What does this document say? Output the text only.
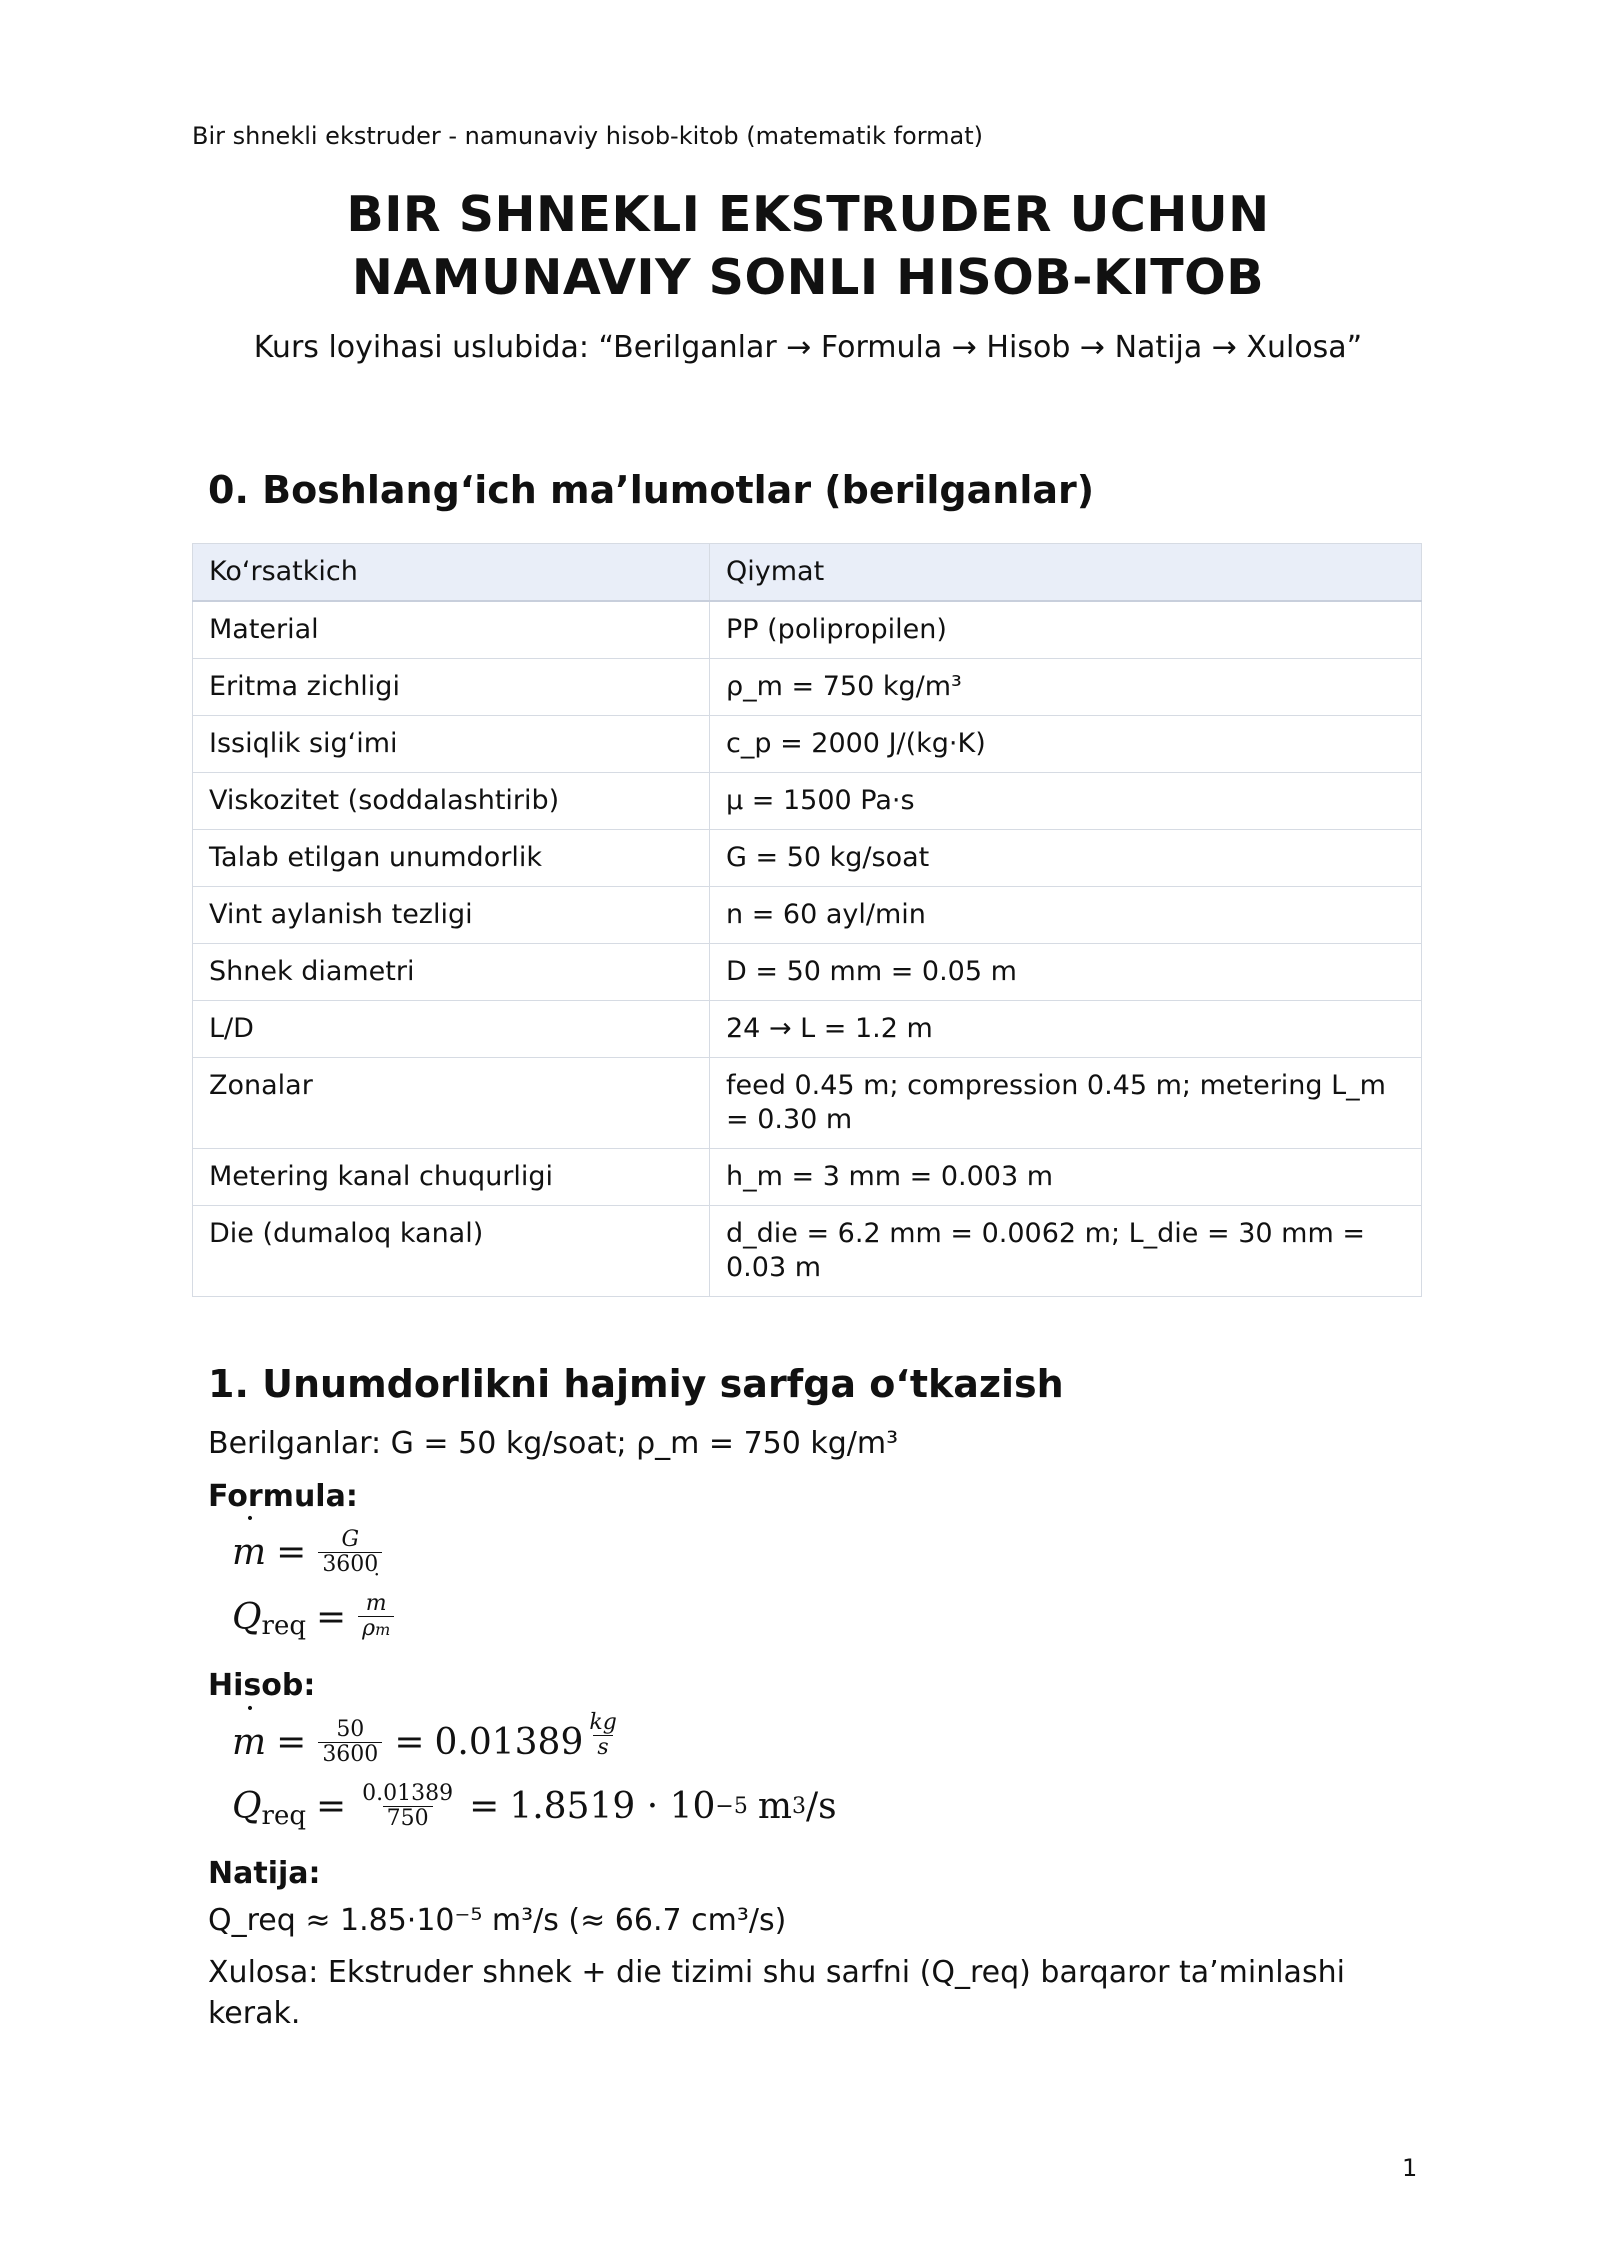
Bir shnekli ekstruder - namunaviy hisob-kitob (matematik format)
BIR SHNEKLI EKSTRUDER UCHUN
NAMUNAVIY SONLI HISOB-KITOB
Kurs loyihasi uslubida: “Berilganlar → Formula → Hisob → Natija → Xulosa”
0. Boshlang‘ich ma’lumotlar (berilganlar)
Ko‘rsatkich	Qiymat
Material	PP (polipropilen)
Eritma zichligi	ρ_m = 750 kg/m³
Issiqlik sig‘imi	c_p = 2000 J/(kg·K)
Viskozitet (soddalashtirib)	μ = 1500 Pa·s
Talab etilgan unumdorlik	G = 50 kg/soat
Vint aylanish tezligi	n = 60 ayl/min
Shnek diametri	D = 50 mm = 0.05 m
L/D	24 → L = 1.2 m
Zonalar	feed 0.45 m; compression 0.45 m; metering L_m = 0.30 m
Metering kanal chuqurligi	h_m = 3 mm = 0.003 m
Die (dumaloq kanal)	d_die = 6.2 mm = 0.0062 m; L_die = 30 mm = 0.03 m
1. Unumdorlikni hajmiy sarfga o‘tkazish
Berilganlar: G = 50 kg/soat; ρ_m = 750 kg/m³
Formula:
˙ $m = \frac{G}{3600}$
Q req = ˙ $\frac{m}{\rho m}$
Hisob:
˙ $m = \frac{50}{3600} = 0.01389 \frac{kg}{s}$
Q req = $\frac{0.01389}{750} = 1.8519 \cdot 10 -5$ m 3 /s
Natija:
Q_req ≈ 1.85·10⁻⁵ m³/s (≈ 66.7 cm³/s)
Xulosa: Ekstruder shnek + die tizimi shu sarfni (Q_req) barqaror ta’minlashi
kerak.
1
